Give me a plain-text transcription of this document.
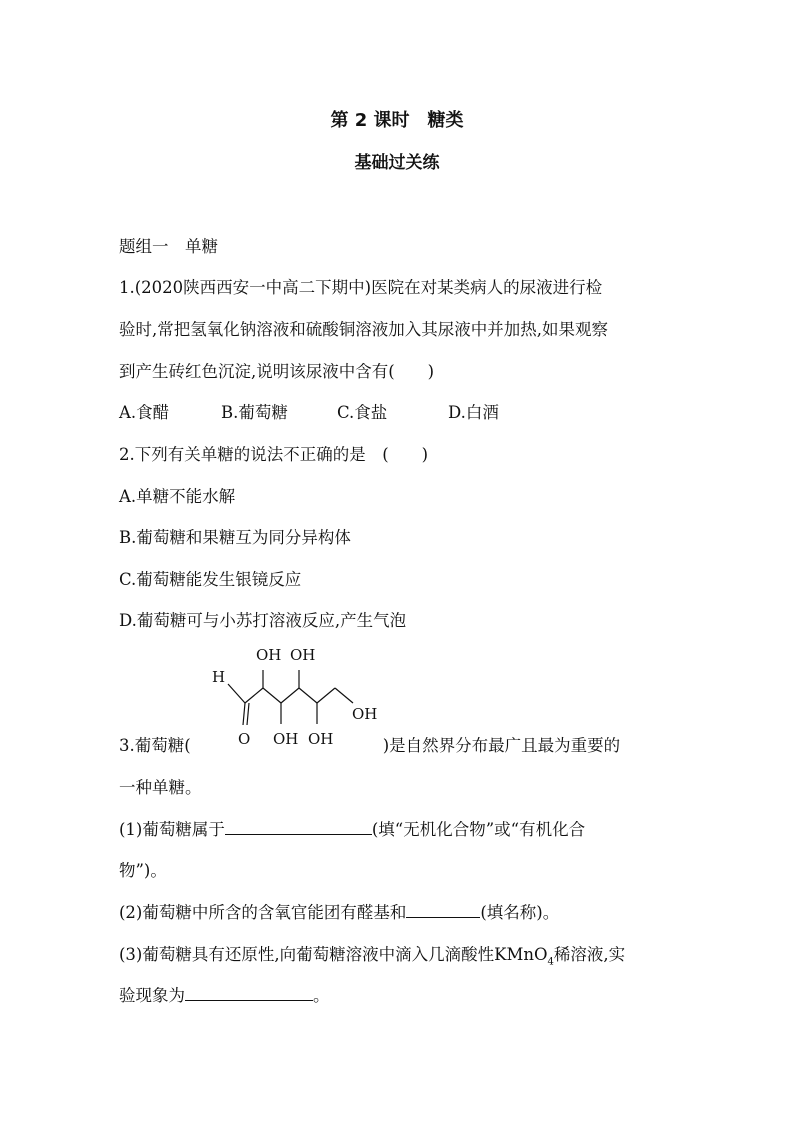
第 2 课时　糖类
基础过关练
题组一　单糖
1.(2020陕西西安一中高二下期中)医院在对某类病人的尿液进行检
验时,常把氢氧化钠溶液和硫酸铜溶液加入其尿液中并加热,如果观察
到产生砖红色沉淀,说明该尿液中含有(　　)
A.食醋	B.葡萄糖	C.食盐	D.白酒
2.下列有关单糖的说法不正确的是　(　　)
A.单糖不能水解
B.葡萄糖和果糖互为同分异构体
C.葡萄糖能发生银镜反应
D.葡萄糖可与小苏打溶液反应,产生气泡
H
O
OH OH
OH OH
OH
3.葡萄糖(	)是自然界分布最广且最为重要的
一种单糖。
(1)葡萄糖属于	(填“无机化合物”或“有机化合
物”)。
(2)葡萄糖中所含的含氧官能团有醛基和	(填名称)。
(3)葡萄糖具有还原性,向葡萄糖溶液中滴入几滴酸性KMnO$_4$稀溶液,实
验现象为	。
